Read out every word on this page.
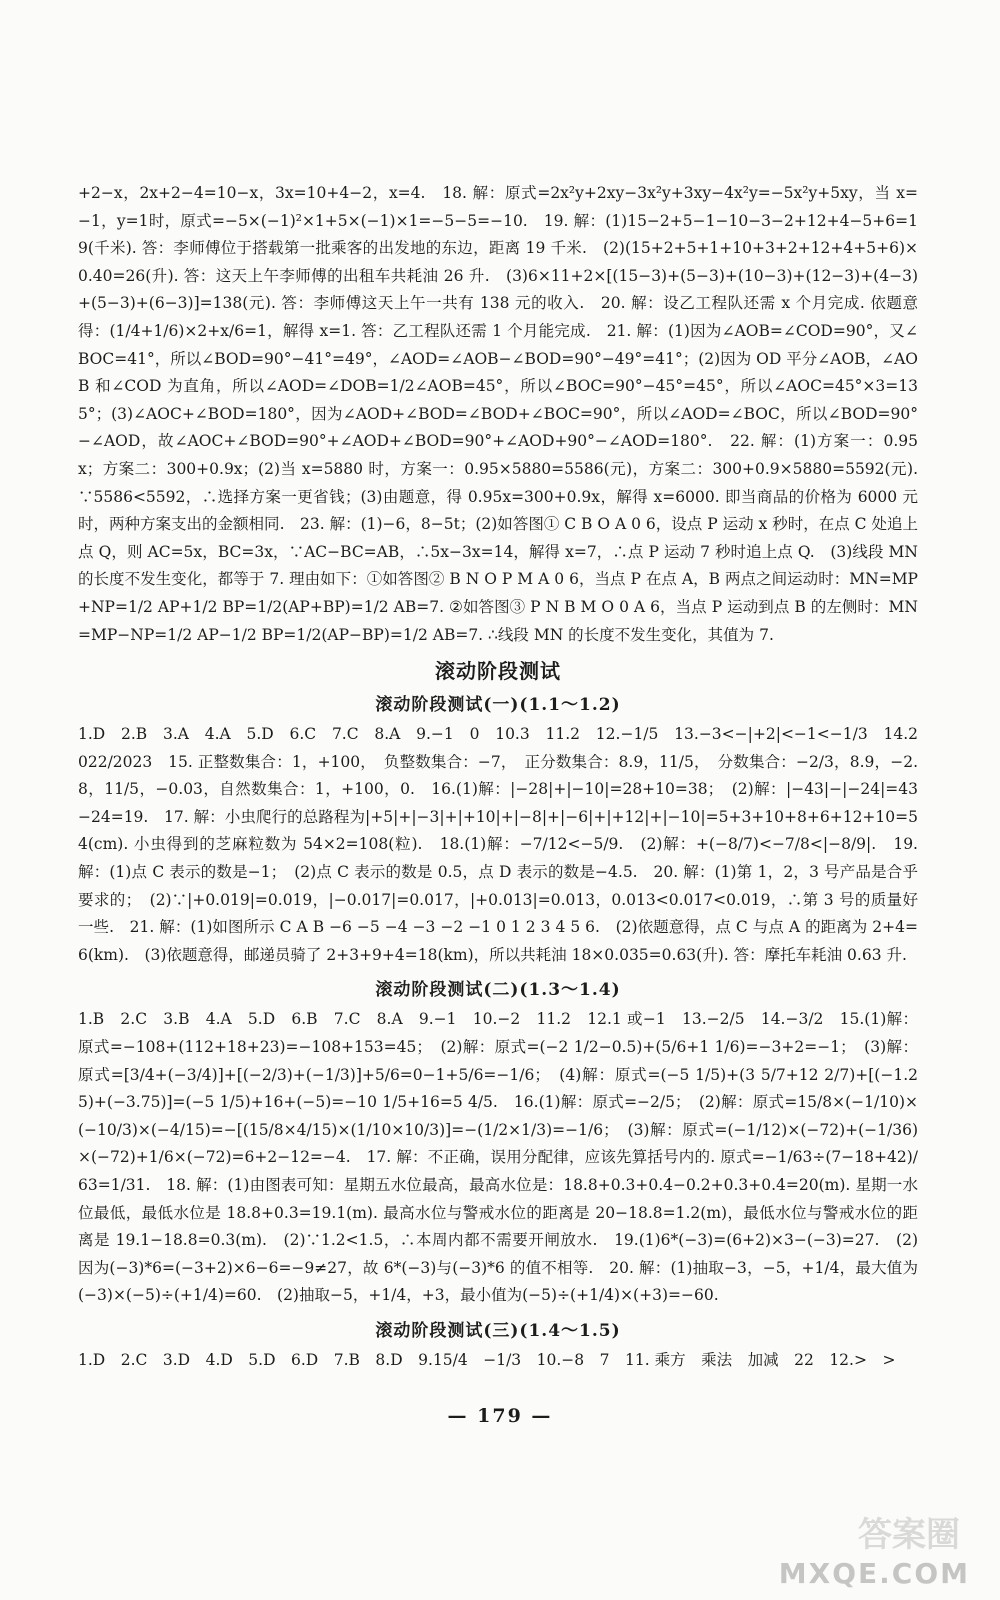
+2−x，2x+2−4=10−x，3x=10+4−2，x=4.　18. 解：原式=2x²y+2xy−3x²y+3xy−4x²y=−5x²y+5xy，当 x=−1，y=1时，原式=−5×(−1)²×1+5×(−1)×1=−5−5=−10.　19. 解：(1)15−2+5−1−10−3−2+12+4−5+6=19(千米). 答：李师傅位于搭载第一批乘客的出发地的东边，距离 19 千米.　(2)(15+2+5+1+10+3+2+12+4+5+6)×0.40=26(升). 答：这天上午李师傅的出租车共耗油 26 升.　(3)6×11+2×[(15−3)+(5−3)+(10−3)+(12−3)+(4−3)+(5−3)+(6−3)]=138(元). 答：李师傅这天上午一共有 138 元的收入.　20. 解：设乙工程队还需 x 个月完成. 依题意得：(1/4+1/6)×2+x/6=1，解得 x=1. 答：乙工程队还需 1 个月能完成.　21. 解：(1)因为∠AOB=∠COD=90°，又∠BOC=41°，所以∠BOD=90°−41°=49°，∠AOD=∠AOB−∠BOD=90°−49°=41°；(2)因为 OD 平分∠AOB，∠AOB 和∠COD 为直角，所以∠AOD=∠DOB=1/2∠AOB=45°，所以∠BOC=90°−45°=45°，所以∠AOC=45°×3=135°；(3)∠AOC+∠BOD=180°，因为∠AOD+∠BOD=∠BOD+∠BOC=90°，所以∠AOD=∠BOC，所以∠BOD=90°−∠AOD，故∠AOC+∠BOD=90°+∠AOD+∠BOD=90°+∠AOD+90°−∠AOD=180°.　22. 解：(1)方案一：0.95x；方案二：300+0.9x；(2)当 x=5880 时，方案一：0.95×5880=5586(元)，方案二：300+0.9×5880=5592(元). ∵5586<5592，∴选择方案一更省钱；(3)由题意，得 0.95x=300+0.9x，解得 x=6000. 即当商品的价格为 6000 元时，两种方案支出的金额相同.　23. 解：(1)−6，8−5t；(2)如答图① C B O A 0 6，设点 P 运动 x 秒时，在点 C 处追上点 Q，则 AC=5x，BC=3x，∵AC−BC=AB，∴5x−3x=14，解得 x=7，∴点 P 运动 7 秒时追上点 Q.　(3)线段 MN 的长度不发生变化，都等于 7. 理由如下：①如答图② B N O P M A 0 6，当点 P 在点 A，B 两点之间运动时：MN=MP+NP=1/2 AP+1/2 BP=1/2(AP+BP)=1/2 AB=7. ②如答图③ P N B M O 0 A 6，当点 P 运动到点 B 的左侧时：MN=MP−NP=1/2 AP−1/2 BP=1/2(AP−BP)=1/2 AB=7. ∴线段 MN 的长度不发生变化，其值为 7.

滚动阶段测试
滚动阶段测试(一)(1.1～1.2)

1.D　2.B　3.A　4.A　5.D　6.C　7.C　8.A　9.−1　0　10.3　11.2　12.−1/5　13.−3<−|+2|<−1<−1/3　14.2022/2023　15. 正整数集合：1，+100，　负整数集合：−7，　正分数集合：8.9，11/5，　分数集合：−2/3，8.9，−2.8，11/5，−0.03，自然数集合：1，+100，0.　16.(1)解：|−28|+|−10|=28+10=38；　(2)解：|−43|−|−24|=43−24=19.　17. 解：小虫爬行的总路程为|+5|+|−3|+|+10|+|−8|+|−6|+|+12|+|−10|=5+3+10+8+6+12+10=54(cm). 小虫得到的芝麻粒数为 54×2=108(粒).　18.(1)解：−7/12<−5/9.　(2)解：+(−8/7)<−7/8<|−8/9|.　19. 解：(1)点 C 表示的数是−1；　(2)点 C 表示的数是 0.5，点 D 表示的数是−4.5.　20. 解：(1)第 1，2，3 号产品是合乎要求的；　(2)∵|+0.019|=0.019，|−0.017|=0.017，|+0.013|=0.013，0.013<0.017<0.019，∴第 3 号的质量好一些.　21. 解：(1)如图所示 C A B −6 −5 −4 −3 −2 −1 0 1 2 3 4 5 6.　(2)依题意得，点 C 与点 A 的距离为 2+4=6(km).　(3)依题意得，邮递员骑了 2+3+9+4=18(km)，所以共耗油 18×0.035=0.63(升). 答：摩托车耗油 0.63 升.

滚动阶段测试(二)(1.3～1.4)

1.B　2.C　3.B　4.A　5.D　6.B　7.C　8.A　9.−1　10.−2　11.2　12.1 或−1　13.−2/5　14.−3/2　15.(1)解：原式=−108+(112+18+23)=−108+153=45；　(2)解：原式=(−2 1/2−0.5)+(5/6+1 1/6)=−3+2=−1；　(3)解：原式=[3/4+(−3/4)]+[(−2/3)+(−1/3)]+5/6=0−1+5/6=−1/6；　(4)解：原式=(−5 1/5)+(3 5/7+12 2/7)+[(−1.25)+(−3.75)]=(−5 1/5)+16+(−5)=−10 1/5+16=5 4/5.　16.(1)解：原式=−2/5；　(2)解：原式=15/8×(−1/10)×(−10/3)×(−4/15)=−[(15/8×4/15)×(1/10×10/3)]=−(1/2×1/3)=−1/6；　(3)解：原式=(−1/12)×(−72)+(−1/36)×(−72)+1/6×(−72)=6+2−12=−4.　17. 解：不正确，误用分配律，应该先算括号内的. 原式=−1/63÷(7−18+42)/63=1/31.　18. 解：(1)由图表可知：星期五水位最高，最高水位是：18.8+0.3+0.4−0.2+0.3+0.4=20(m). 星期一水位最低，最低水位是 18.8+0.3=19.1(m). 最高水位与警戒水位的距离是 20−18.8=1.2(m)，最低水位与警戒水位的距离是 19.1−18.8=0.3(m).　(2)∵1.2<1.5，∴本周内都不需要开闸放水.　19.(1)6*(−3)=(6+2)×3−(−3)=27.　(2)因为(−3)*6=(−3+2)×6−6=−9≠27，故 6*(−3)与(−3)*6 的值不相等.　20. 解：(1)抽取−3，−5，+1/4，最大值为(−3)×(−5)÷(+1/4)=60.　(2)抽取−5，+1/4，+3，最小值为(−5)÷(+1/4)×(+3)=−60.

滚动阶段测试(三)(1.4～1.5)

1.D　2.C　3.D　4.D　5.D　6.D　7.B　8.D　9.15/4　−1/3　10.−8　7　11. 乘方　乘法　加减　22　12.>　>

— 179 —
答案圈
MXQE.COM
